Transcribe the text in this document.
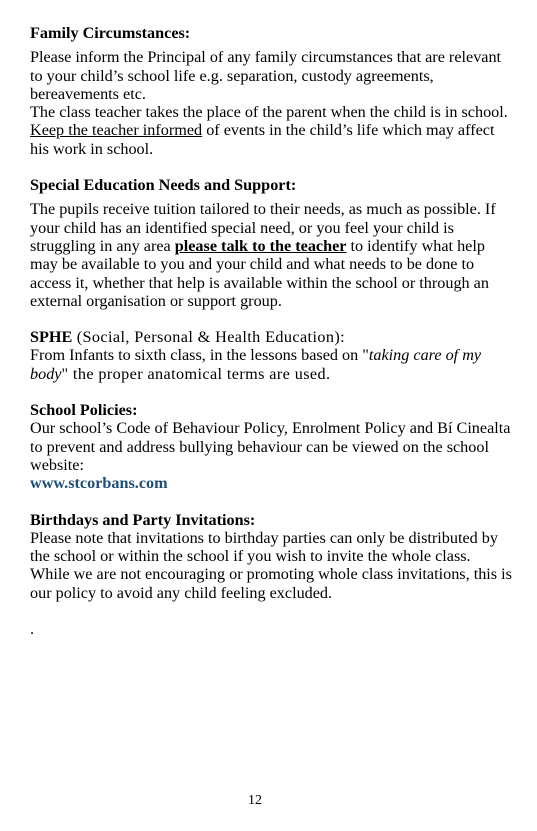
Family Circumstances:

Please inform the Principal of any family circumstances that are relevant to your child’s school life e.g. separation, custody agreements, bereavements etc.

The class teacher takes the place of the parent when the child is in school. Keep the teacher informed of events in the child’s life which may affect his work in school.

Special Education Needs and Support:

The pupils receive tuition tailored to their needs, as much as possible. If your child has an identified special need, or you feel your child is struggling in any area please talk to the teacher to identify what help may be available to you and your child and what needs to be done to access it, whether that help is available within the school or through an external organisation or support group.

SPHE (Social, Personal & Health Education):

From Infants to sixth class, in the lessons based on "taking care of my body" the proper anatomical terms are used.

School Policies:

Our school’s Code of Behaviour Policy, Enrolment Policy and Bí Cinealta to prevent and address bullying behaviour can be viewed on the school website:

www.stcorbans.com

Birthdays and Party Invitations:

Please note that invitations to birthday parties can only be distributed by the school or within the school if you wish to invite the whole class.

While we are not encouraging or promoting whole class invitations, this is our policy to avoid any child feeling excluded.

.

12
